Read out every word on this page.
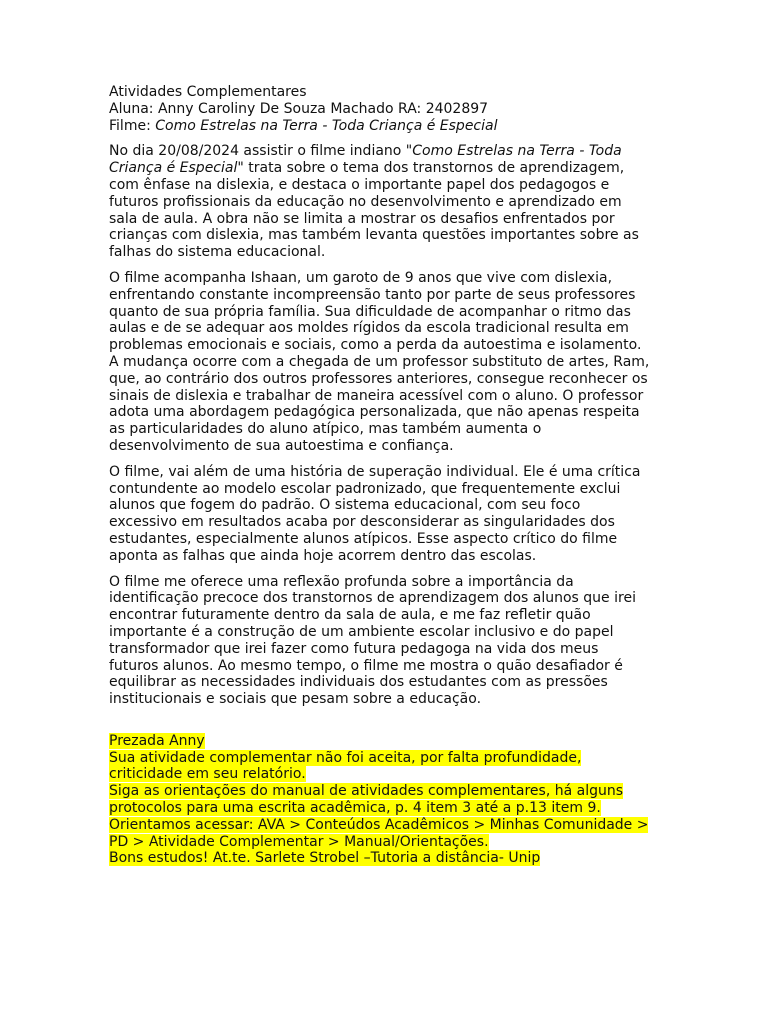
Atividades Complementares
Aluna: Anny Caroliny De Souza Machado RA: 2402897
Filme: Como Estrelas na Terra - Toda Criança é Especial
No dia 20/08/2024 assistir o filme indiano "Como Estrelas na Terra - Toda
Criança é Especial" trata sobre o tema dos transtornos de aprendizagem,
com ênfase na dislexia, e destaca o importante papel dos pedagogos e
futuros profissionais da educação no desenvolvimento e aprendizado em
sala de aula. A obra não se limita a mostrar os desafios enfrentados por
crianças com dislexia, mas também levanta questões importantes sobre as
falhas do sistema educacional.
O filme acompanha Ishaan, um garoto de 9 anos que vive com dislexia,
enfrentando constante incompreensão tanto por parte de seus professores
quanto de sua própria família. Sua dificuldade de acompanhar o ritmo das
aulas e de se adequar aos moldes rígidos da escola tradicional resulta em
problemas emocionais e sociais, como a perda da autoestima e isolamento.
A mudança ocorre com a chegada de um professor substituto de artes, Ram,
que, ao contrário dos outros professores anteriores, consegue reconhecer os
sinais de dislexia e trabalhar de maneira acessível com o aluno. O professor
adota uma abordagem pedagógica personalizada, que não apenas respeita
as particularidades do aluno atípico, mas também aumenta o
desenvolvimento de sua autoestima e confiança.
O filme, vai além de uma história de superação individual. Ele é uma crítica
contundente ao modelo escolar padronizado, que frequentemente exclui
alunos que fogem do padrão. O sistema educacional, com seu foco
excessivo em resultados acaba por desconsiderar as singularidades dos
estudantes, especialmente alunos atípicos. Esse aspecto crítico do filme
aponta as falhas que ainda hoje acorrem dentro das escolas.
O filme me oferece uma reflexão profunda sobre a importância da
identificação precoce dos transtornos de aprendizagem dos alunos que irei
encontrar futuramente dentro da sala de aula, e me faz refletir quão
importante é a construção de um ambiente escolar inclusivo e do papel
transformador que irei fazer como futura pedagoga na vida dos meus
futuros alunos. Ao mesmo tempo, o filme me mostra o quão desafiador é
equilibrar as necessidades individuais dos estudantes com as pressões
institucionais e sociais que pesam sobre a educação.
Prezada Anny
Sua atividade complementar não foi aceita, por falta profundidade,
criticidade em seu relatório.
Siga as orientações do manual de atividades complementares, há alguns
protocolos para uma escrita acadêmica, p. 4 item 3 até a p.13 item 9.
Orientamos acessar: AVA > Conteúdos Acadêmicos > Minhas Comunidade >
PD > Atividade Complementar > Manual/Orientações.
Bons estudos! At.te. Sarlete Strobel –Tutoria a distância- Unip
